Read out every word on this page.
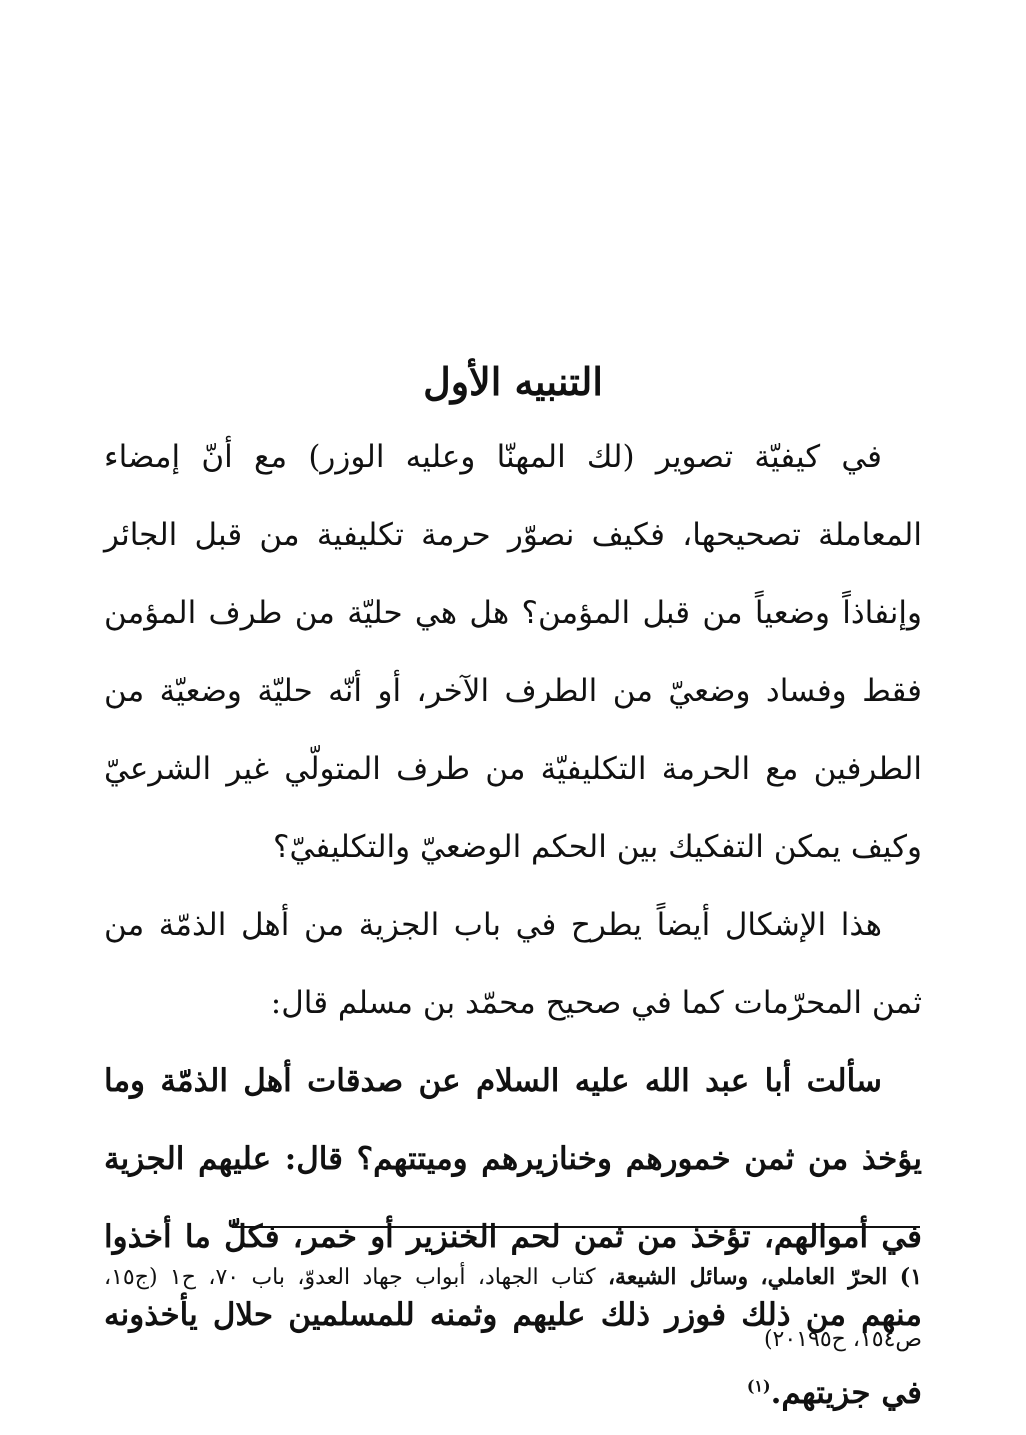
التنبيه الأول

في كيفيّة تصوير (لك المهنّا وعليه الوزر) مع أنّ إمضاء المعاملة تصحيحها، فكيف نصوّر حرمة تكليفية من قبل الجائر وإنفاذاً وضعياً من قبل المؤمن؟ هل هي حليّة من طرف المؤمن فقط وفساد وضعيّ من الطرف الآخر، أو أنّه حليّة وضعيّة من الطرفين مع الحرمة التكليفيّة من طرف المتولّي غير الشرعيّ وكيف يمكن التفكيك بين الحكم الوضعيّ والتكليفيّ؟

هذا الإشكال أيضاً يطرح في باب الجزية من أهل الذمّة من ثمن المحرّمات كما في صحيح محمّد بن مسلم قال:

سألت أبا عبد الله عليه السلام عن صدقات أهل الذمّة وما يؤخذ من ثمن خمورهم وخنازيرهم وميتتهم؟ قال: عليهم الجزية في أموالهم، تؤخذ من ثمن لحم الخنزير أو خمر، فكلّ ما أخذوا منهم من ذلك فوزر ذلك عليهم وثمنه للمسلمين حلال يأخذونه في جزيتهم.$^{(١)}$

١) الحرّ العاملي، وسائل الشيعة، كتاب الجهاد، أبواب جهاد العدوّ، باب ٧٠، ح١ (ج١٥، ص١٥٤، ح٢٠١٩٥)
